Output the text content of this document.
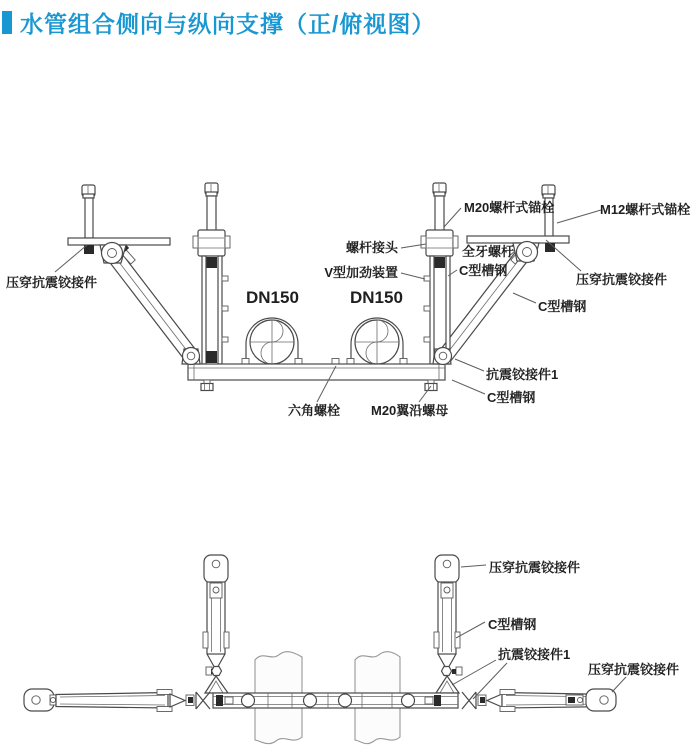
水管组合侧向与纵向支撑（正/俯视图）
M20螺杆式锚栓	M12螺杆式锚栓
螺杆接头	全牙螺杆
V型加劲装置	C型槽钢
压穿抗震铰接件	压穿抗震铰接件
C型槽钢
DN150	DN150
抗震铰接件1
C型槽钢
六角螺栓 M20翼沿螺母
压穿抗震铰接件
C型槽钢
抗震铰接件1
压穿抗震铰接件
